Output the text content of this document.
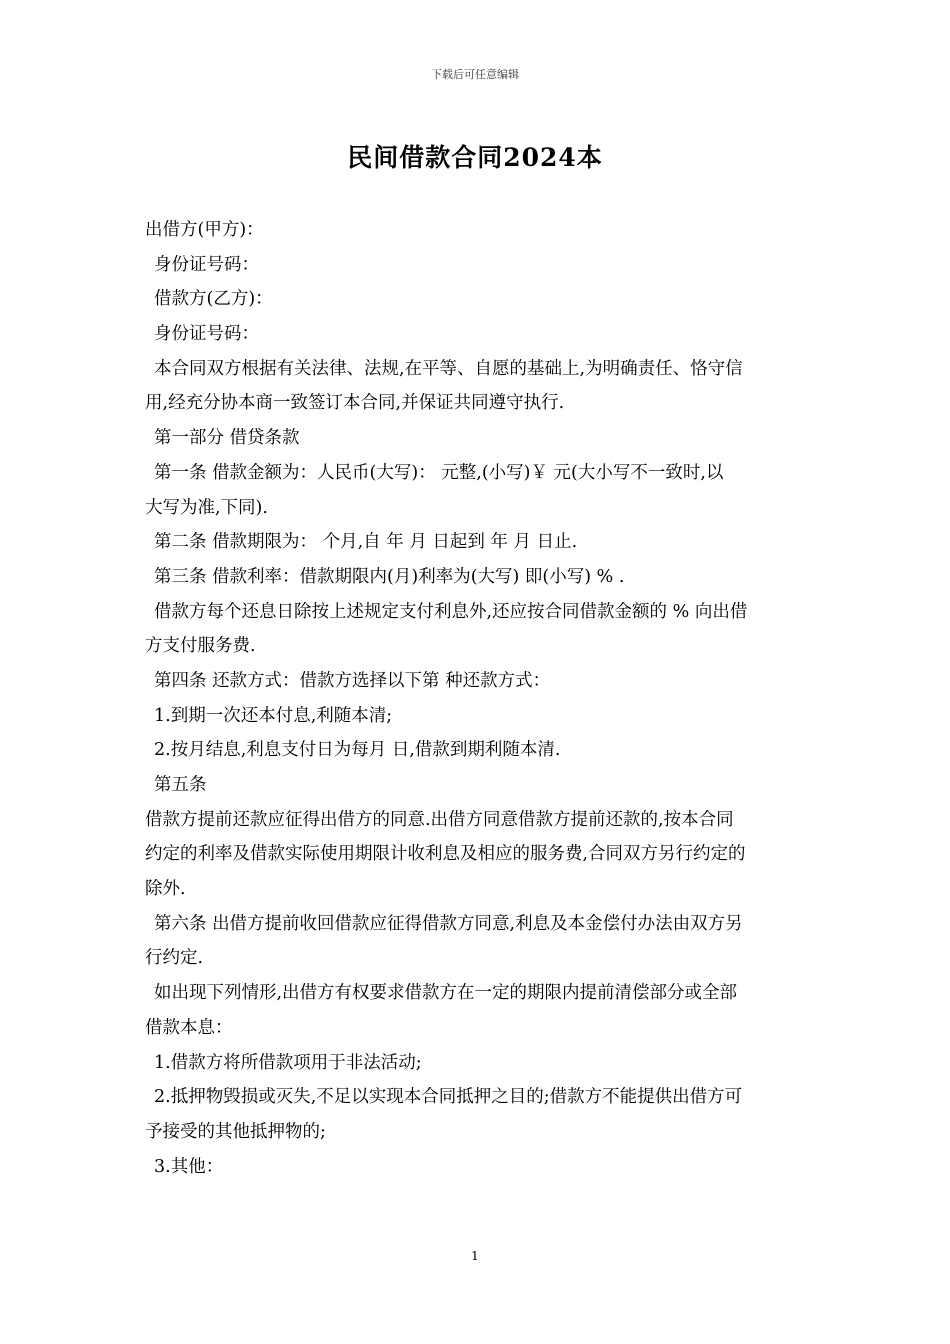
下载后可任意编辑
民间借款合同2024本
出借方(甲方)：
身份证号码：
借款方(乙方)：
身份证号码：
本合同双方根据有关法律、法规,在平等、自愿的基础上,为明确责任、恪守信
用,经充分协本商一致签订本合同,并保证共同遵守执行.
第一部分 借贷条款
第一条 借款金额为：人民币(大写)： 元整,(小写)￥ 元(大小写不一致时,以
大写为准,下同).
第二条 借款期限为： 个月,自 年 月 日起到 年 月 日止.
第三条 借款利率：借款期限内(月)利率为(大写) 即(小写) % .
借款方每个还息日除按上述规定支付利息外,还应按合同借款金额的 % 向出借
方支付服务费.
第四条 还款方式：借款方选择以下第 种还款方式：
1.到期一次还本付息,利随本清;
2.按月结息,利息支付日为每月 日,借款到期利随本清.
第五条
借款方提前还款应征得出借方的同意.出借方同意借款方提前还款的,按本合同
约定的利率及借款实际使用期限计收利息及相应的服务费,合同双方另行约定的
除外.
第六条 出借方提前收回借款应征得借款方同意,利息及本金偿付办法由双方另
行约定.
如出现下列情形,出借方有权要求借款方在一定的期限内提前清偿部分或全部
借款本息：
1.借款方将所借款项用于非法活动;
2.抵押物毁损或灭失,不足以实现本合同抵押之目的;借款方不能提供出借方可
予接受的其他抵押物的;
3.其他：
1
